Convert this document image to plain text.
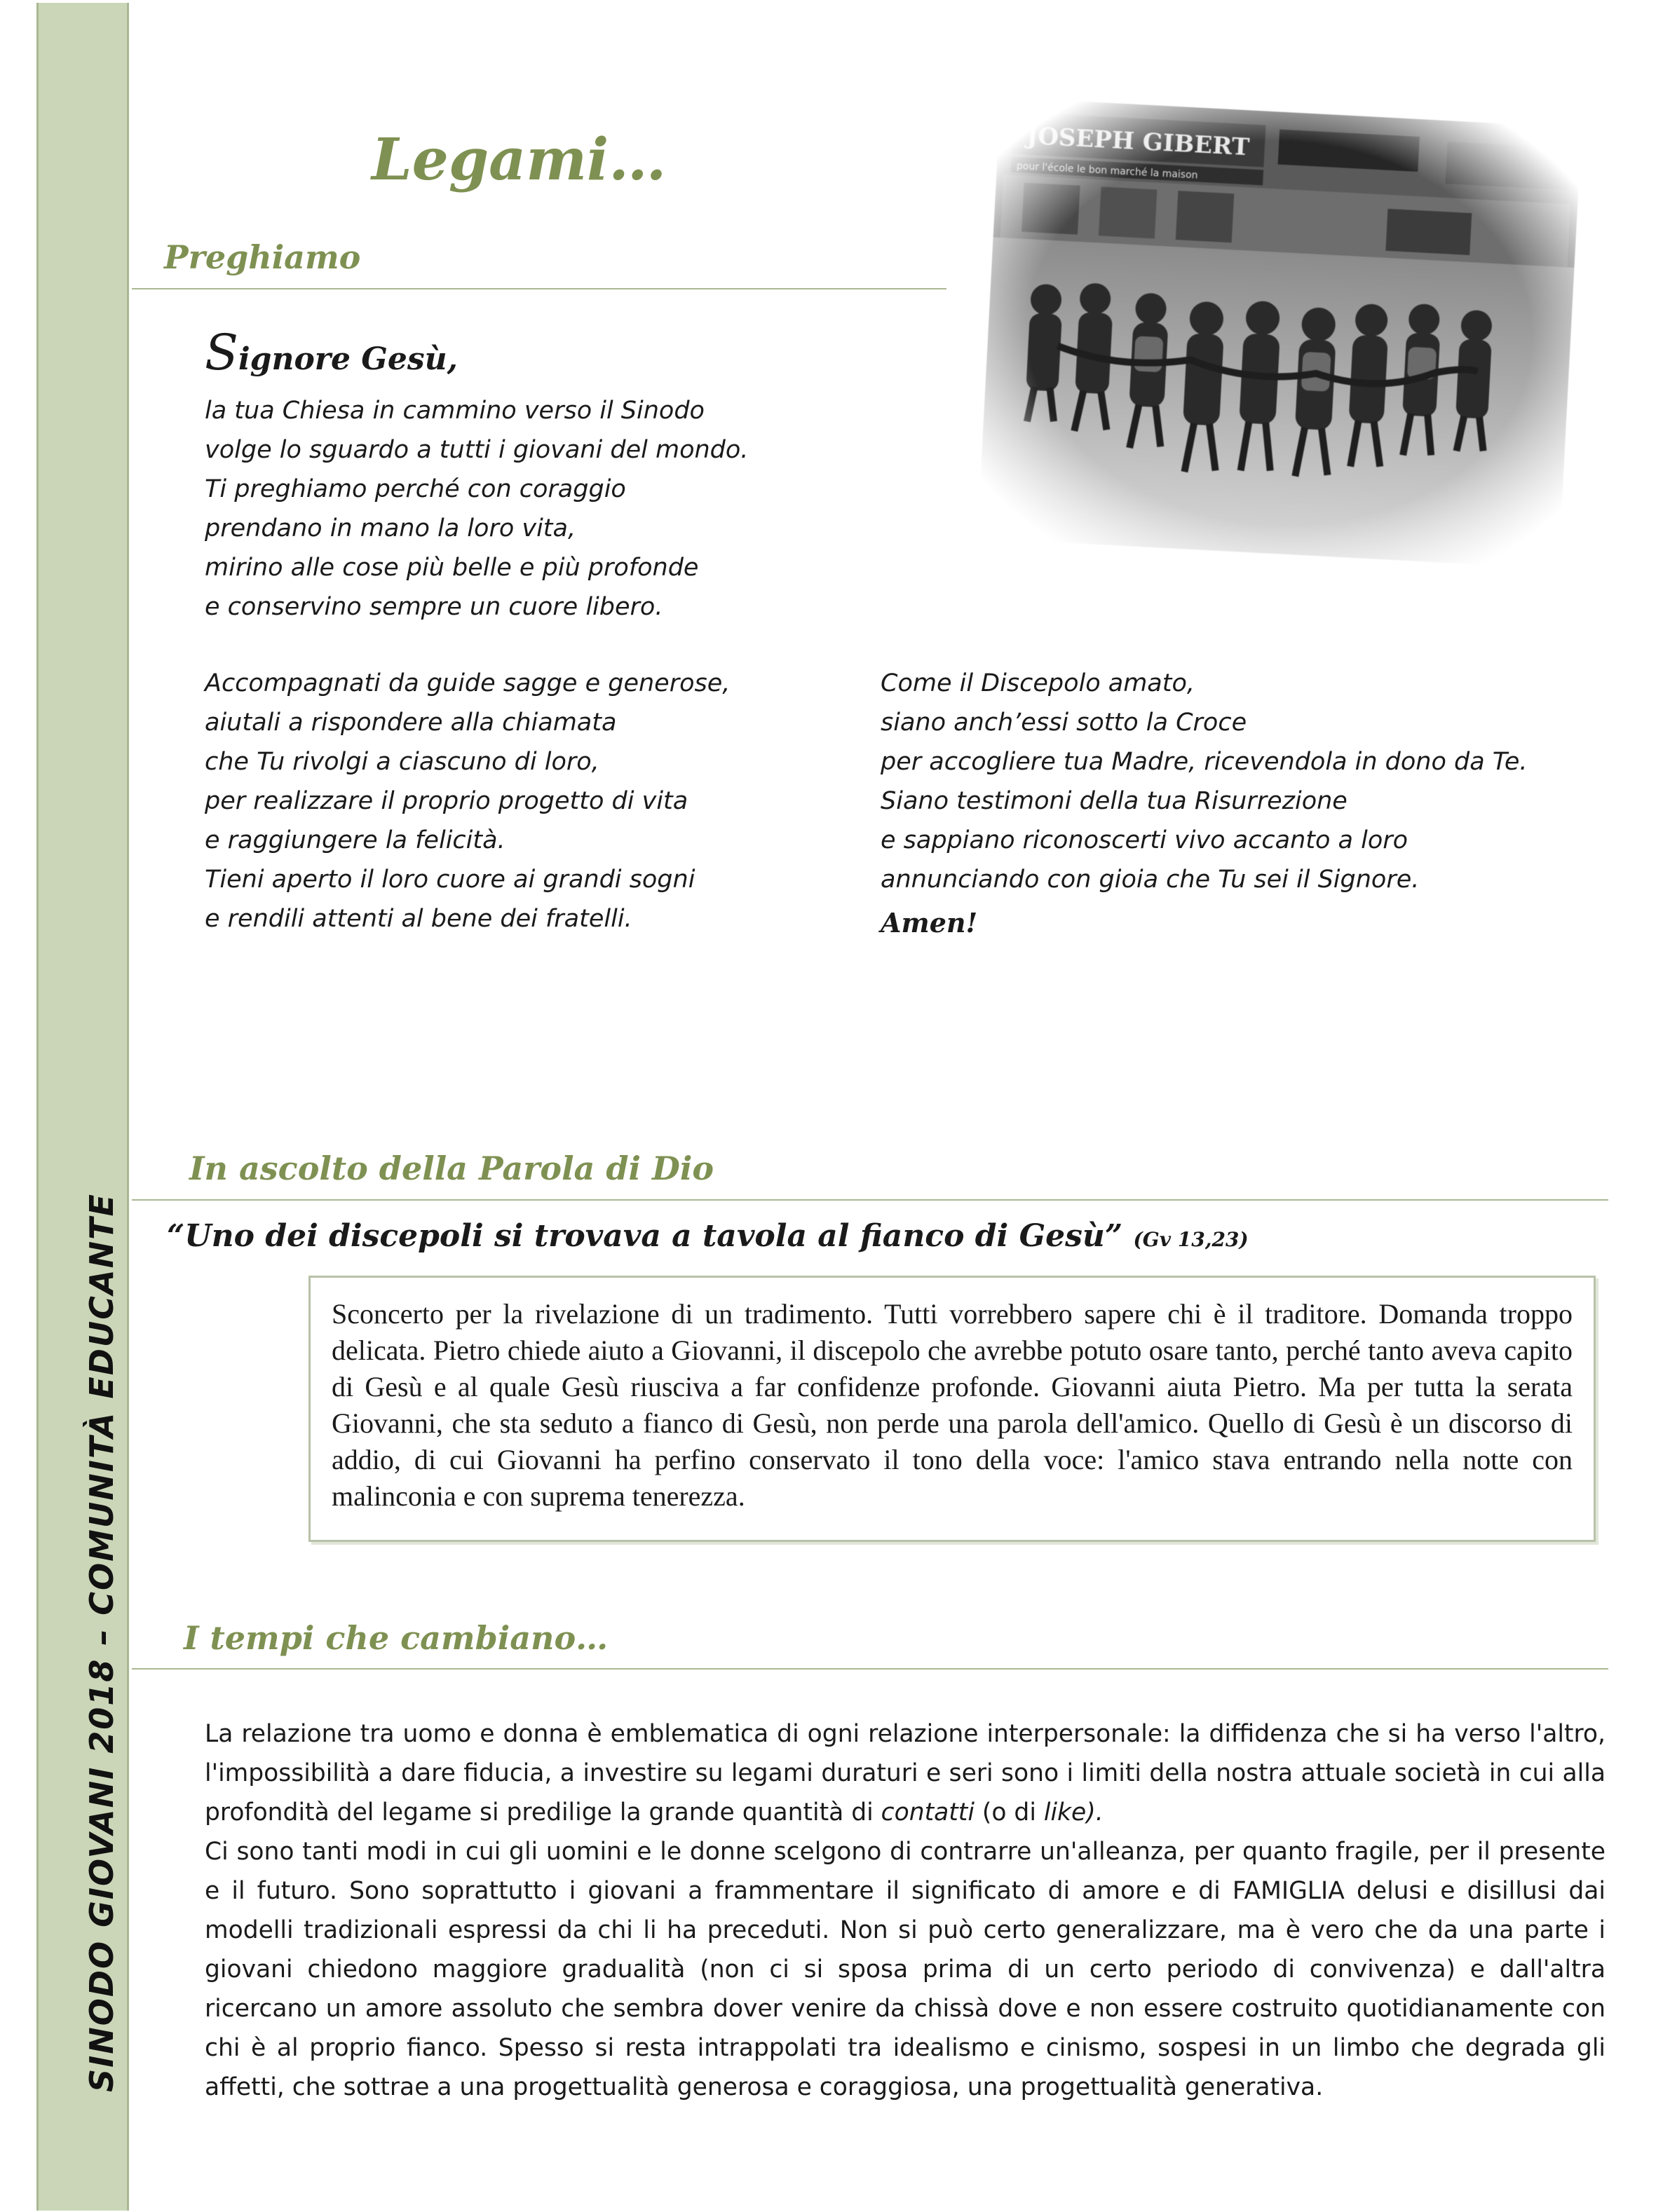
SINODO GIOVANI 2018 – COMUNITÀ EDUCANTE
Legami…
Preghiamo
Signore Gesù,
la tua Chiesa in cammino verso il Sinodo
volge lo sguardo a tutti i giovani del mondo.
Ti preghiamo perché con coraggio
prendano in mano la loro vita,
mirino alle cose più belle e più profonde
e conservino sempre un cuore libero.
Accompagnati da guide sagge e generose,
aiutali a rispondere alla chiamata
che Tu rivolgi a ciascuno di loro,
per realizzare il proprio progetto di vita
e raggiungere la felicità.
Tieni aperto il loro cuore ai grandi sogni
e rendili attenti al bene dei fratelli.
Come il Discepolo amato,
siano anch’essi sotto la Croce
per accogliere tua Madre, ricevendola in dono da Te.
Siano testimoni della tua Risurrezione
e sappiano riconoscerti vivo accanto a loro
annunciando con gioia che Tu sei il Signore.
Amen!
In ascolto della Parola di Dio
“Uno dei discepoli si trovava a tavola al fianco di Gesù” (Gv 13,23)
Sconcerto per la rivelazione di un tradimento. Tutti vorrebbero sapere chi è il traditore. Domanda troppo delicata. Pietro chiede aiuto a Giovanni, il discepolo che avrebbe potuto osare tanto, perché tanto aveva capito di Gesù e al quale Gesù riusciva a far confidenze profonde. Giovanni aiuta Pietro. Ma per tutta la serata Giovanni, che sta seduto a fianco di Gesù, non perde una parola dell'amico. Quello di Gesù è un discorso di addio, di cui Giovanni ha perfino conservato il tono della voce: l'amico stava entrando nella notte con malinconia e con suprema tenerezza.
I tempi che cambiano…

La relazione tra uomo e donna è emblematica di ogni relazione interpersonale: la diffidenza che si ha verso l'altro, l'impossibilità a dare fiducia, a investire su legami duraturi e seri sono i limiti della nostra attuale società in cui alla profondità del legame si predilige la grande quantità di contatti (o di like).

Ci sono tanti modi in cui gli uomini e le donne scelgono di contrarre un'alleanza, per quanto fragile, per il presente e il futuro. Sono soprattutto i giovani a frammentare il significato di amore e di FAMIGLIA delusi e disillusi dai modelli tradizionali espressi da chi li ha preceduti. Non si può certo generalizzare, ma è vero che da una parte i giovani chiedono maggiore gradualità (non ci si sposa prima di un certo periodo di convivenza) e dall'altra ricercano un amore assoluto che sembra dover venire da chissà dove e non essere costruito quotidianamente con chi è al proprio fianco. Spesso si resta intrappolati tra idealismo e cinismo, sospesi in un limbo che degrada gli affetti, che sottrae a una progettualità generosa e coraggiosa, una progettualità generativa.
